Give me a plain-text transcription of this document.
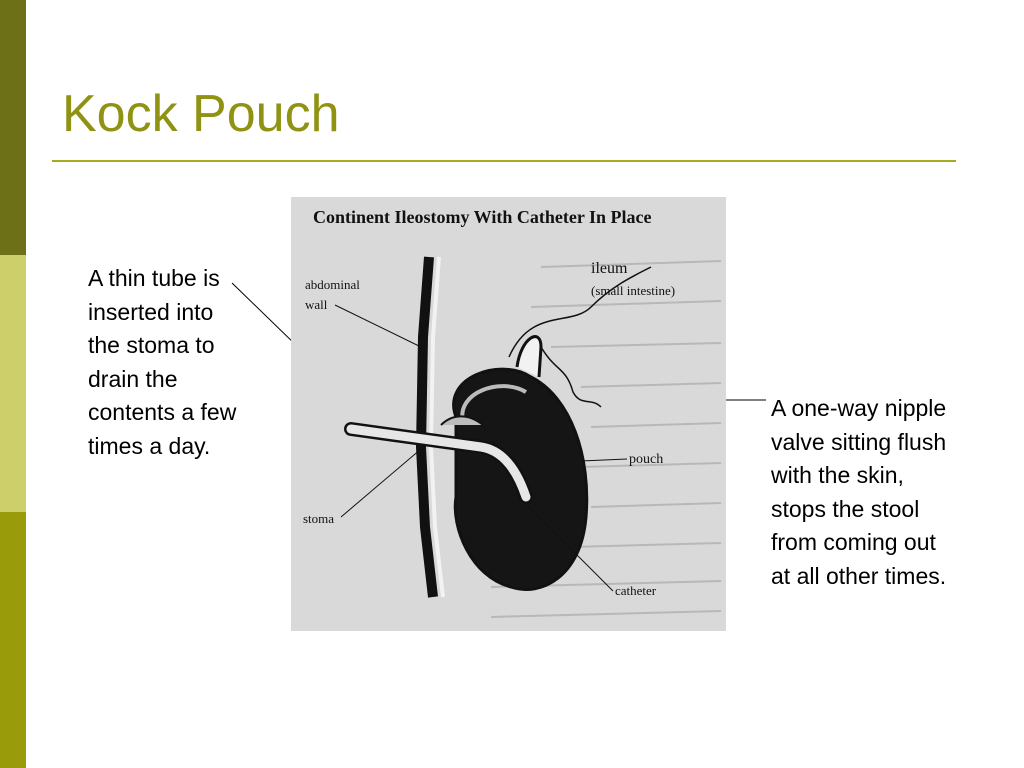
Kock Pouch

A thin tube is inserted into the stoma to drain the contents a few times a day.

A one-way nipple valve sitting flush with the skin, stops the stool from coming out at all other times.

Continent Ileostomy With Catheter In Place
abdominal
wall
ileum
(small intestine)
pouch
stoma
catheter
